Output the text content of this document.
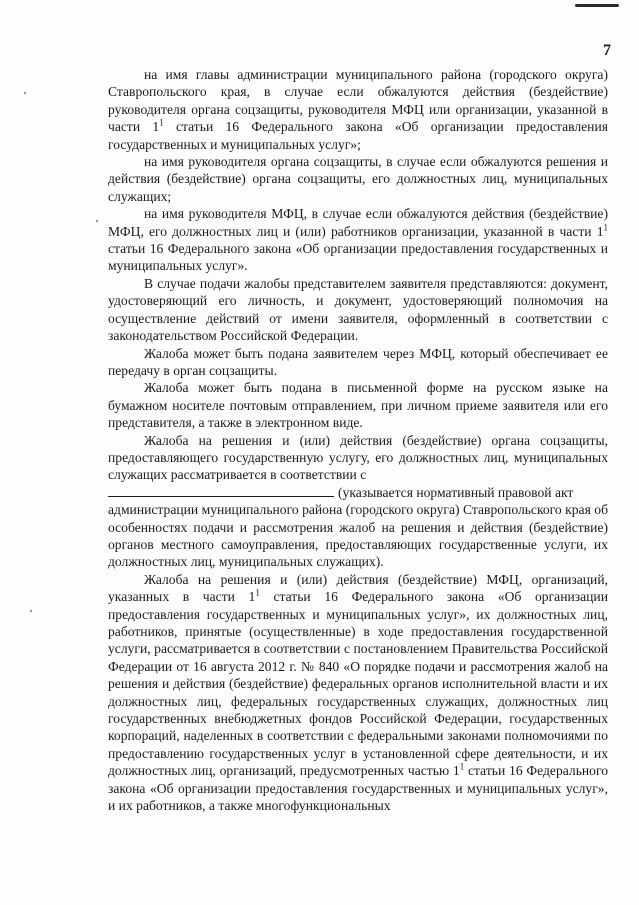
7

на имя главы администрации муниципального района (городского округа) Ставропольского края, в случае если обжалуются действия (бездействие) руководителя органа соцзащиты, руководителя МФЦ или организации, указанной в части $1^1$ статьи 16 Федерального закона «Об организации предоставления государственных и муниципальных услуг»;

на имя руководителя органа соцзащиты, в случае если обжалуются решения и действия (бездействие) органа соцзащиты, его должностных лиц, муниципальных служащих;

на имя руководителя МФЦ, в случае если обжалуются действия (бездействие) МФЦ, его должностных лиц и (или) работников организации, указанной в части $1^1$ статьи 16 Федерального закона «Об организации предоставления государственных и муниципальных услуг».

В случае подачи жалобы представителем заявителя представляются: документ, удостоверяющий его личность, и документ, удостоверяющий полномочия на осуществление действий от имени заявителя, оформленный в соответствии с законодательством Российской Федерации.

Жалоба может быть подана заявителем через МФЦ, который обеспечивает ее передачу в орган соцзащиты.

Жалоба может быть подана в письменной форме на русском языке на бумажном носителе почтовым отправлением, при личном приеме заявителя или его представителя, а также в электронном виде.

Жалоба на решения и (или) действия (бездействие) органа соцзащиты, предоставляющего государственную услугу, его должностных лиц, муниципальных служащих рассматривается в соответствии с

(указывается нормативный правовой акт

администрации муниципального района (городского округа) Ставропольского края об особенностях подачи и рассмотрения жалоб на решения и действия (бездействие) органов местного самоуправления, предоставляющих государственные услуги, их должностных лиц, муниципальных служащих).

Жалоба на решения и (или) действия (бездействие) МФЦ, организаций, указанных в части $1^1$ статьи 16 Федерального закона «Об организации предоставления государственных и муниципальных услуг», их должностных лиц, работников, принятые (осуществленные) в ходе предоставления государственной услуги, рассматривается в соответствии с постановлением Правительства Российской Федерации от 16 августа 2012 г. № 840 «О порядке подачи и рассмотрения жалоб на решения и действия (бездействие) федеральных органов исполнительной власти и их должностных лиц, федеральных государственных служащих, должностных лиц государственных внебюджетных фондов Российской Федерации, государственных корпораций, наделенных в соответствии с федеральными законами полномочиями по предоставлению государственных услуг в установленной сфере деятельности, и их должностных лиц, организаций, предусмотренных частью $1^1$ статьи 16 Федерального закона «Об организации предоставления государственных и муниципальных услуг», и их работников, а также многофункциональных
